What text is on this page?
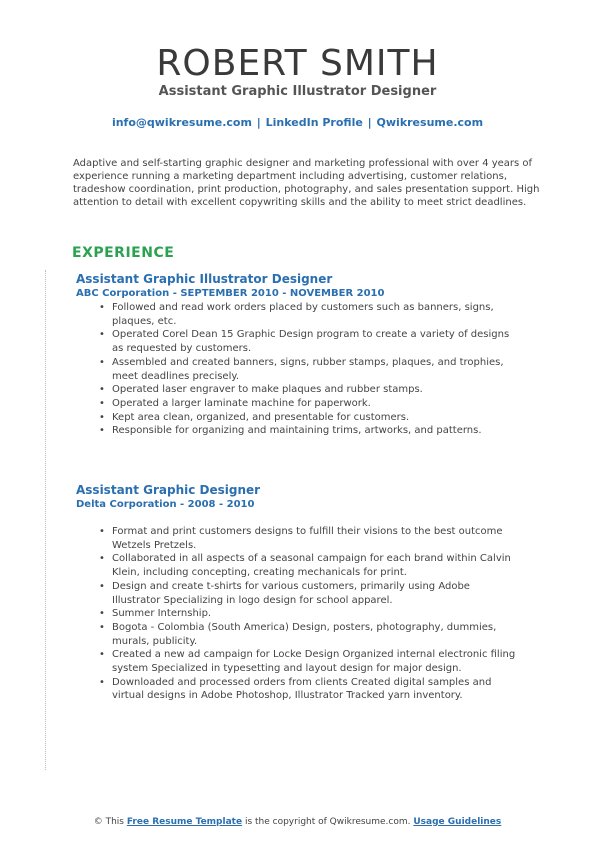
ROBERT SMITH
Assistant Graphic Illustrator Designer
info@qwikresume.com | LinkedIn Profile | Qwikresume.com
Adaptive and self-starting graphic designer and marketing professional with over 4 years of experience running a marketing department including advertising, customer relations, tradeshow coordination, print production, photography, and sales presentation support. High attention to detail with excellent copywriting skills and the ability to meet strict deadlines.
EXPERIENCE
Assistant Graphic Illustrator Designer
ABC Corporation - SEPTEMBER 2010 - NOVEMBER 2010
• Followed and read work orders placed by customers such as banners, signs, plaques, etc.
• Operated Corel Dean 15 Graphic Design program to create a variety of designs as requested by customers.
• Assembled and created banners, signs, rubber stamps, plaques, and trophies, meet deadlines precisely.
• Operated laser engraver to make plaques and rubber stamps.
• Operated a larger laminate machine for paperwork.
• Kept area clean, organized, and presentable for customers.
• Responsible for organizing and maintaining trims, artworks, and patterns.
Assistant Graphic Designer
Delta Corporation - 2008 - 2010
• Format and print customers designs to fulfill their visions to the best outcome Wetzels Pretzels.
• Collaborated in all aspects of a seasonal campaign for each brand within Calvin Klein, including concepting, creating mechanicals for print.
• Design and create t-shirts for various customers, primarily using Adobe Illustrator Specializing in logo design for school apparel.
• Summer Internship.
• Bogota - Colombia (South America) Design, posters, photography, dummies, murals, publicity.
• Created a new ad campaign for Locke Design Organized internal electronic filing system Specialized in typesetting and layout design for major design.
• Downloaded and processed orders from clients Created digital samples and virtual designs in Adobe Photoshop, Illustrator Tracked yarn inventory.
© This Free Resume Template is the copyright of Qwikresume.com. Usage Guidelines
